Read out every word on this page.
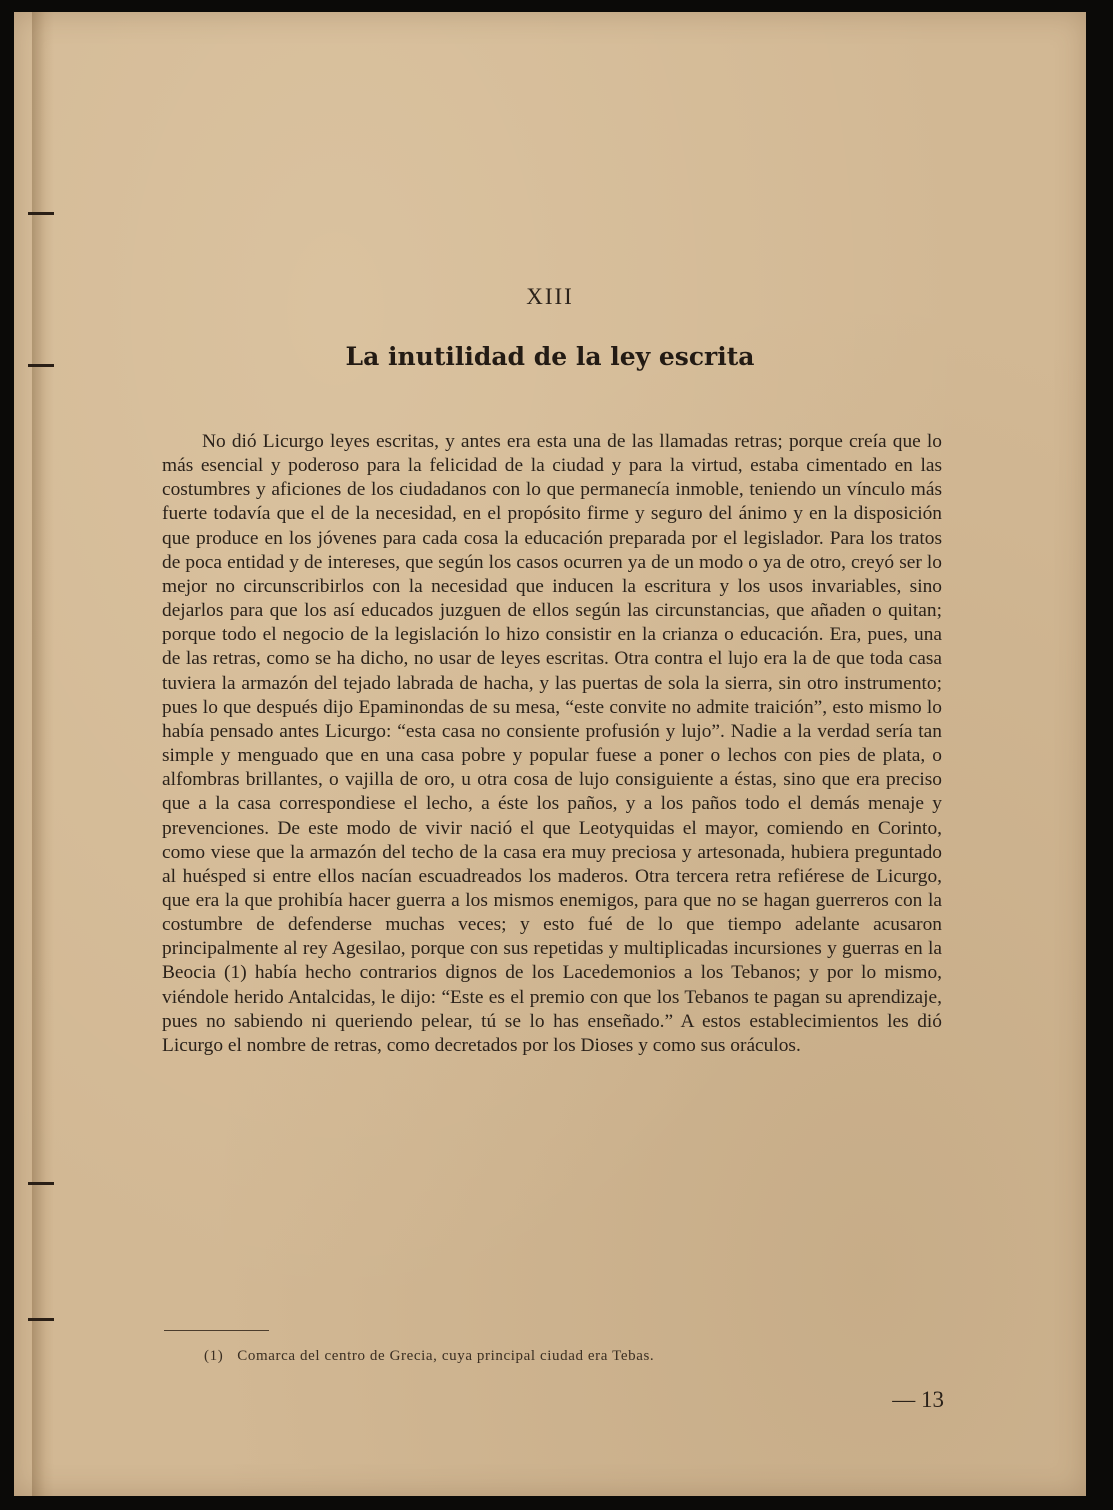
XIII
La inutilidad de la ley escrita

No dió Licurgo leyes escritas, y antes era esta una de las llamadas retras; porque creía que lo más esencial y poderoso para la felicidad de la ciudad y para la virtud, estaba cimentado en las costumbres y aficiones de los ciudadanos con lo que permanecía inmoble, teniendo un vínculo más fuerte todavía que el de la necesidad, en el propósito firme y seguro del ánimo y en la disposición que produce en los jóvenes para cada cosa la educación preparada por el legislador. Para los tratos de poca entidad y de intereses, que según los casos ocurren ya de un modo o ya de otro, creyó ser lo mejor no circunscribirlos con la necesidad que inducen la escritura y los usos invariables, sino dejarlos para que los así educados juzguen de ellos según las circunstancias, que añaden o quitan; porque todo el negocio de la legislación lo hizo consistir en la crianza o educación. Era, pues, una de las retras, como se ha dicho, no usar de leyes escritas. Otra contra el lujo era la de que toda casa tuviera la armazón del tejado labrada de hacha, y las puertas de sola la sierra, sin otro instrumento; pues lo que después dijo Epaminondas de su mesa, “este convite no admite traición”, esto mismo lo había pensado antes Licurgo: “esta casa no consiente profusión y lujo”. Nadie a la verdad sería tan simple y menguado que en una casa pobre y popular fuese a poner o lechos con pies de plata, o alfombras brillantes, o vajilla de oro, u otra cosa de lujo consiguiente a éstas, sino que era preciso que a la casa correspondiese el lecho, a éste los paños, y a los paños todo el demás menaje y prevenciones. De este modo de vivir nació el que Leotyquidas el mayor, comiendo en Corinto, como viese que la armazón del techo de la casa era muy preciosa y artesonada, hubiera preguntado al huésped si entre ellos nacían escuadreados los maderos. Otra tercera retra refiérese de Licurgo, que era la que prohibía hacer guerra a los mismos enemigos, para que no se hagan guerreros con la costumbre de defenderse muchas veces; y esto fué de lo que tiempo adelante acusaron principalmente al rey Agesilao, porque con sus repetidas y multiplicadas incursiones y guerras en la Beocia (1) había hecho contrarios dignos de los Lacedemonios a los Tebanos; y por lo mismo, viéndole herido Antalcidas, le dijo: “Este es el premio con que los Tebanos te pagan su aprendizaje, pues no sabiendo ni queriendo pelear, tú se lo has enseñado.” A estos establecimientos les dió Licurgo el nombre de retras, como decretados por los Dioses y como sus oráculos.

(1) Comarca del centro de Grecia, cuya principal ciudad era Tebas.
— 13
